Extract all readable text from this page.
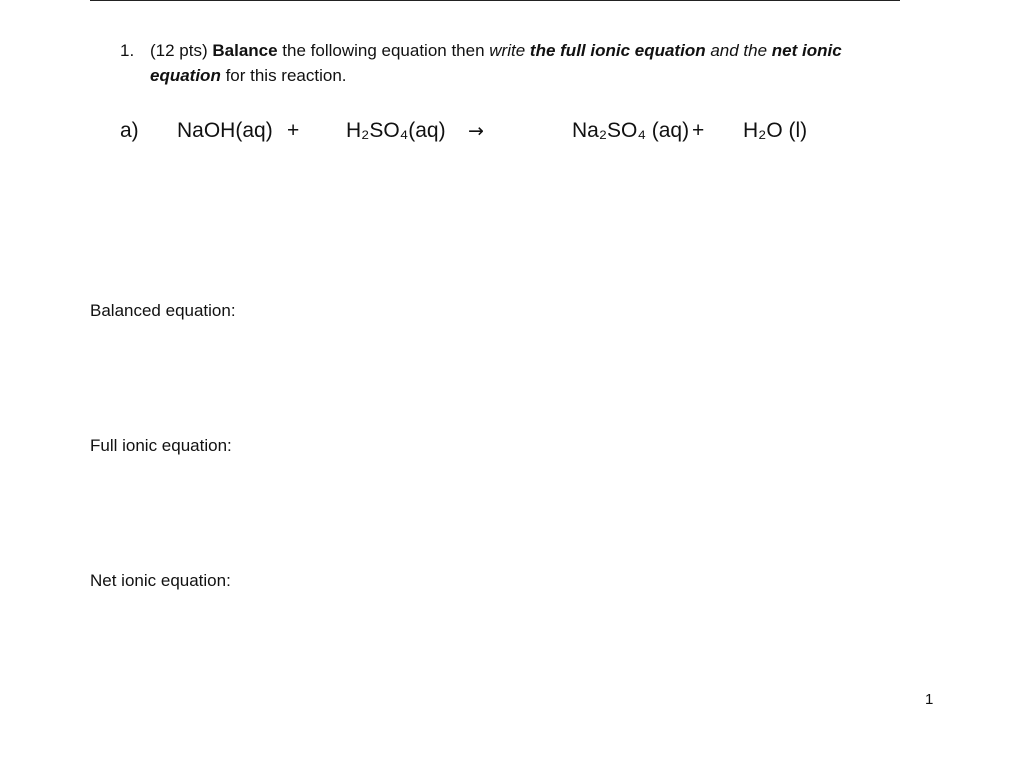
1. (12 pts) Balance the following equation then write the full ionic equation and the net ionic
equation for this reaction.
a) NaOH(aq) + H₂SO₄(aq) →	Na₂SO₄ (aq) + H₂O (l)
Balanced equation:
Full ionic equation:
Net ionic equation:
1
